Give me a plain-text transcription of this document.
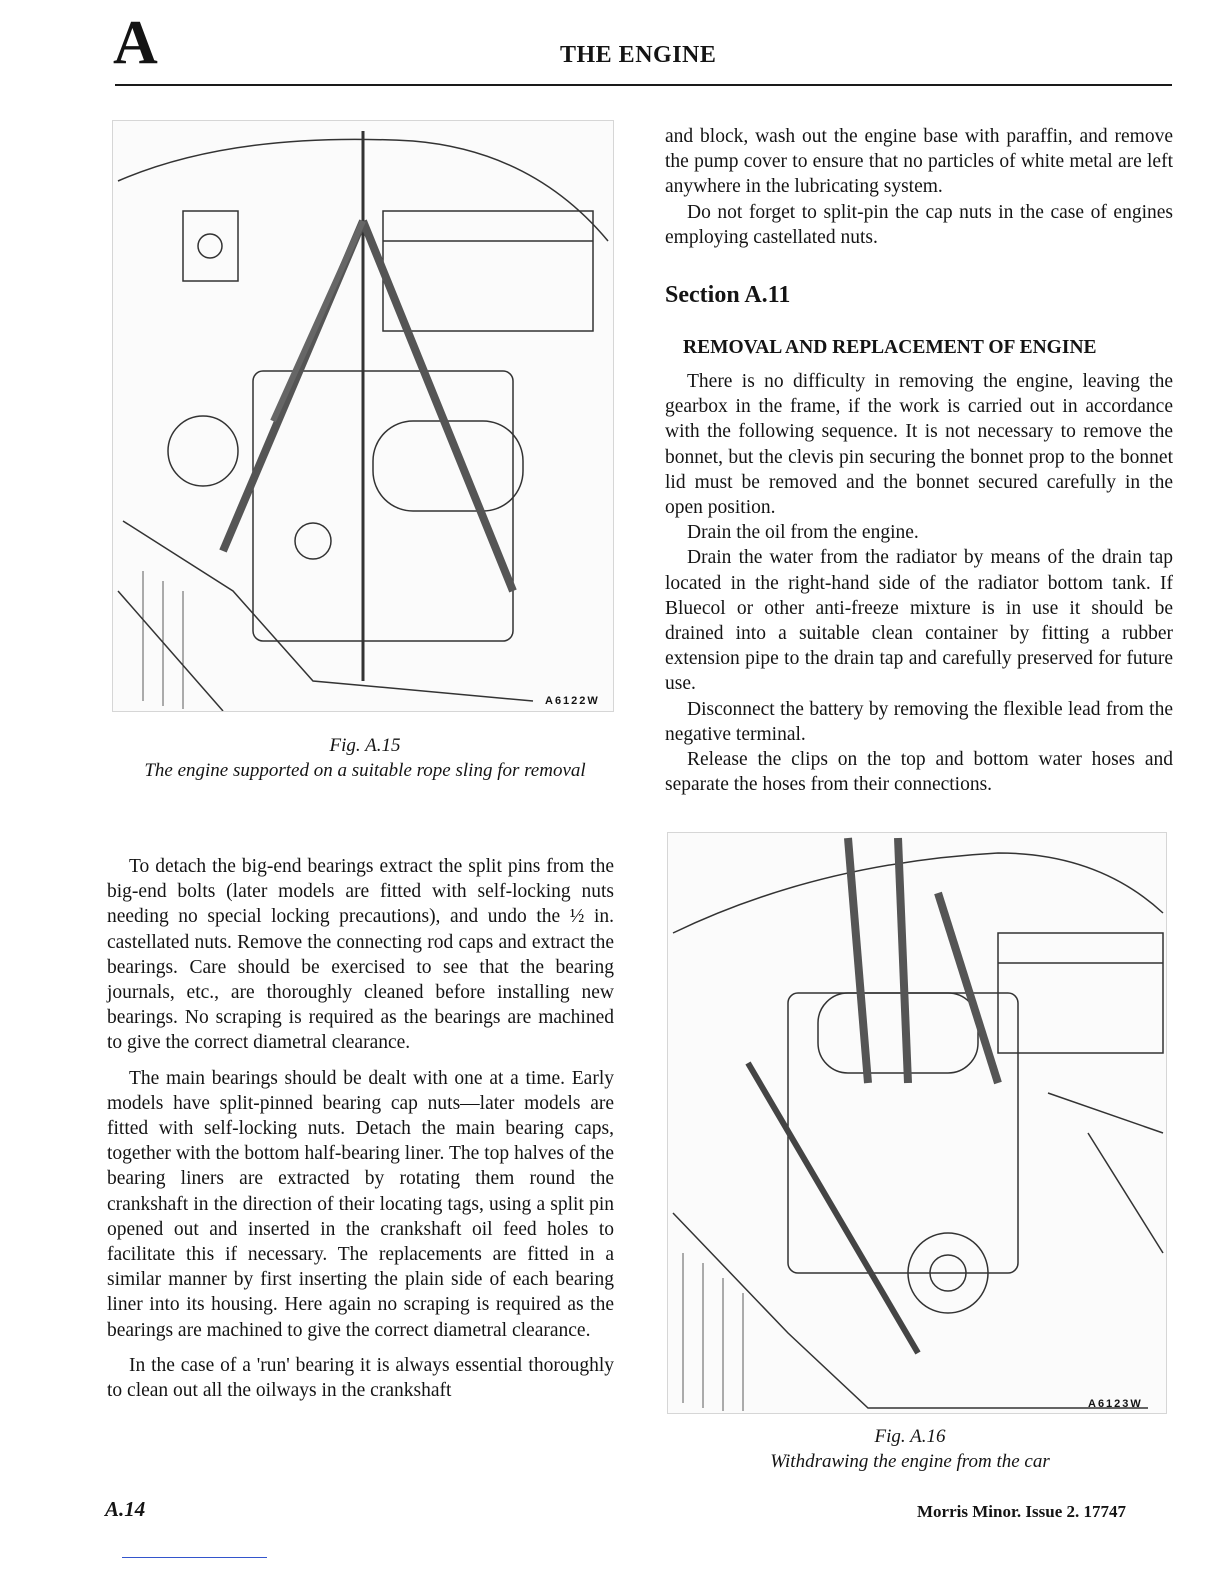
A	THE ENGINE
A6122W
Fig. A.15
The engine supported on a suitable rope sling for removal

To detach the big-end bearings extract the split pins from the big-end bolts (later models are fitted with self-locking nuts needing no special locking precautions), and undo the ½ in. castellated nuts. Remove the connecting rod caps and extract the bearings. Care should be exercised to see that the bearing journals, etc., are thoroughly cleaned before installing new bearings. No scraping is required as the bearings are machined to give the correct diametral clearance.

The main bearings should be dealt with one at a time. Early models have split-pinned bearing cap nuts—later models are fitted with self-locking nuts. Detach the main bearing caps, together with the bottom half-bearing liner. The top halves of the bearing liners are extracted by rotating them round the crankshaft in the direction of their locating tags, using a split pin opened out and inserted in the crankshaft oil feed holes to facilitate this if necessary. The replacements are fitted in a similar manner by first inserting the plain side of each bearing liner into its housing. Here again no scraping is required as the bearings are machined to give the correct diametral clearance.

In the case of a 'run' bearing it is always essential thoroughly to clean out all the oilways in the crankshaft

and block, wash out the engine base with paraffin, and remove the pump cover to ensure that no particles of white metal are left anywhere in the lubricating system.

Do not forget to split-pin the cap nuts in the case of engines employing castellated nuts.

Section A.11
REMOVAL AND REPLACEMENT OF ENGINE

There is no difficulty in removing the engine, leaving the gearbox in the frame, if the work is carried out in accordance with the following sequence. It is not necessary to remove the bonnet, but the clevis pin securing the bonnet prop to the bonnet lid must be removed and the bonnet secured carefully in the open position.

Drain the oil from the engine.

Drain the water from the radiator by means of the drain tap located in the right-hand side of the radiator bottom tank. If Bluecol or other anti-freeze mixture is in use it should be drained into a suitable clean container by fitting a rubber extension pipe to the drain tap and carefully preserved for future use.

Disconnect the battery by removing the flexible lead from the negative terminal.

Release the clips on the top and bottom water hoses and separate the hoses from their connections.

A6123W
Fig. A.16
Withdrawing the engine from the car
A.14	Morris Minor. Issue 2. 17747
